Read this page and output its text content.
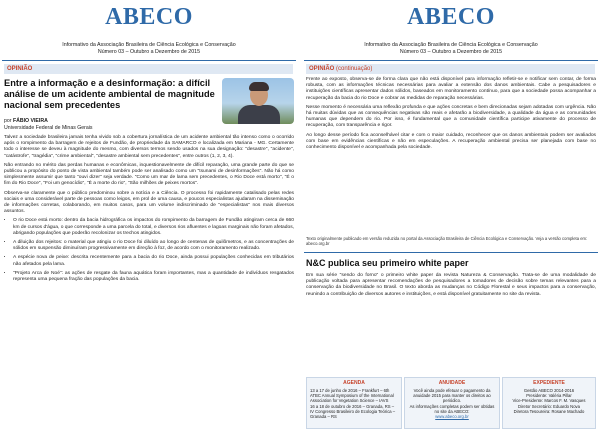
ABECO
Informativo da Associação Brasileira de Ciência Ecológica e Conservação
Número 03 – Outubro a Dezembro de 2015
OPINIÃO
Entre a informação e a desinformação: a difícil análise de um acidente ambiental de magnitude nacional sem precedentes
por FÁBIO VIEIRA
Universidade Federal de Minas Gerais

Talvez a sociedade brasileira jamais tenha vivido sob a cobertura jornalística de um acidente ambiental tão intenso como o ocorrido após o rompimento da barragem de rejeitos de Fundão, de propriedade da SAMARCO e localizada em Mariana - MG. Certamente todo o interesse se deveu à magnitude do mesmo, com diversos termos sendo usados na sua designação: "desastre", "acidente", "catástrofe", "tragédia", "crime ambiental", "desastre ambiental sem precedentes", entre outros (1, 2, 3, 4).

Não entrando no mérito das perdas humanas e econômicas, inquestionavelmente de difícil reparação, uma grande parte do que se publicou a propósito do ponto de vista ambiental também pode ser analisado como um "tsunami de desinformações". Não há como simplesmente assumir que tanto "ouvi dizer" seja verdade. "Como um mar de lama sem precedentes, o Rio Doce está morto", "É o fim do Rio Doce", "Foi um genocídio", "É a morte do rio", "São milhões de peixes mortos".

Observa-se claramente que o público predominou sobre a notícia e a Ciência. O processo foi rapidamente catalisado pelas redes sociais e uma considerável parte de pessoas como leigos, em prol de uma causa, e poucos especialistas ajudaram na disseminação de informações corretas, colaborando, em muitos casos, para um volume indiscriminado de "especialistas" nos mais diversos assuntos.

• O rio Doce está morto: dentro da bacia hidrográfica os impactos do rompimento da barragem de Fundão atingiram cerca de 660 km de cursos d'água, o que corresponde a uma parcela do total, e diversos rios afluentes e lagoas marginais não foram afetados, abrigando populações que poderão recolonizar os trechos atingidos.
• A diluição dos rejeitos: o material que atingiu o rio Doce foi diluído ao longo de centenas de quilômetros, e as concentrações de sólidos em suspensão diminuíram progressivamente em direção à foz, de acordo com o monitoramento realizado.
• A espécie nova de peixe: descrita recentemente para a bacia do rio Doce, ainda possui populações conhecidas em tributários não afetados pela lama.
• "Projeto Arca de Noé": as ações de resgate da fauna aquática foram importantes, mas a quantidade de indivíduos resgatados representa uma pequena fração das populações da bacia.
ABECO
Informativo da Associação Brasileira de Ciência Ecológica e Conservação
Número 03 – Outubro a Dezembro de 2015
OPINIÃO (continuação)

Frente ao exposto, observa-se de forma clara que não está disponível para informação refletir-se e notificar sem contar, de forma robusta, com as informações técnicas necessárias para avaliar a extensão dos danos ambientais. Cabe a pesquisadores e instituições científicas apresentar dados sólidos, baseados em monitoramento contínuo, para que a sociedade possa acompanhar a recuperação da bacia do rio Doce e cobrar as medidas de reparação necessárias.

Nesse momento é necessária uma reflexão profunda e que ações concretas e bem direcionadas sejam adotadas com urgência. Não há muitas dúvidas que as consequências negativas são reais e afetarão a biodiversidade, a qualidade da água e as comunidades humanas que dependem do rio. Por isso, é fundamental que a comunidade científica participe ativamente do processo de recuperação, com transparência e rigor.

Ao longo desse período fica aconselhável citar e com o maior cuidado, reconhecer que os danos ambientais podem ser avaliados com base em evidências científicas e não em especulações. A recuperação ambiental precisa ser planejada com base no conhecimento disponível e acompanhada pela sociedade.

Texto originalmente publicado em versão reduzida no portal da Associação Brasileira de Ciência Ecológica e Conservação. Veja a versão completa em: abeco.org.br
N&C publica seu primeiro white paper

Em sua série "sendo do forno" o primeiro white paper da revista Natureza & Conservação. Trata-se de uma modalidade de publicação voltada para apresentar recomendações de pesquisadores a tomadores de decisão sobre temas relevantes para a conservação da biodiversidade no Brasil. O texto aborda as mudanças no Código Florestal e seus impactos para a conservação, reunindo a contribuição de diversos autores e instituições, e está disponível gratuitamente no site da revista.

AGENDA
13 a 17 de junho de 2016 – Frankfurt – 6th ATBC Annual Symposium of the International Association for Vegetation Science – IAVS
16 a 18 de outubro de 2016 – Granada, RS – IV Congresso Brasileiro de Ecologia Teórica – Granada – RS
ANUIDADE
Você ainda pode efetuar o pagamento da anuidade 2015 para manter os direitos ao periódico.
As informações completas podem ser obtidas no site da ABECO:
www.abeco.org.br
EXPEDIENTE
Gestão ABECO 2014-2016
Presidente: Valéria Pillar
Vice-Presidente: Marcos F. M. Vasques
Diretor Secretário: Eduardo Nova
Diretora Tesoureira: Rosane Machado
